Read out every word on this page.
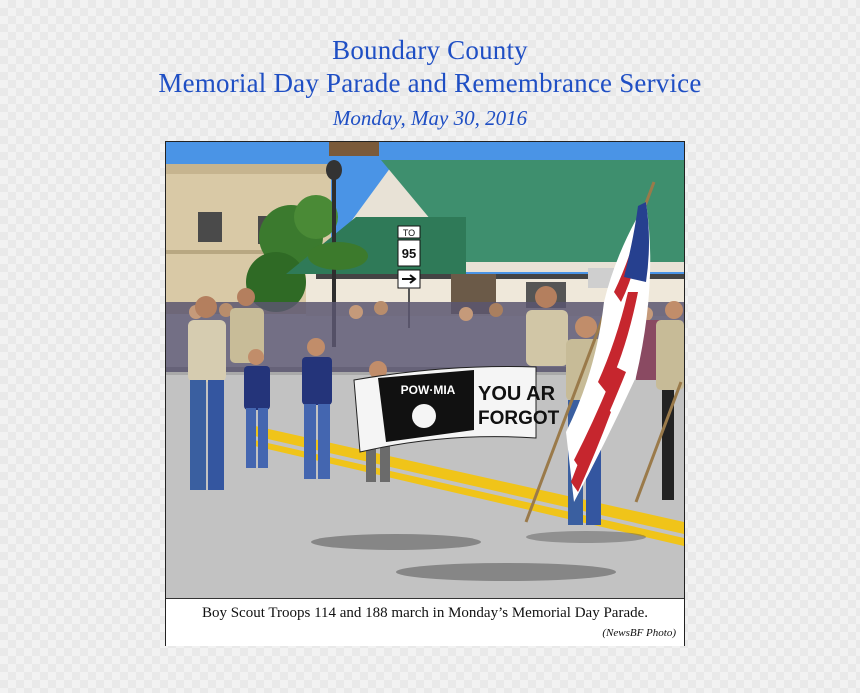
Boundary County
Memorial Day Parade and Remembrance Service
Monday, May 30, 2016
TO
95
POW·MIA YOU AR
FORGOT
Boy Scout Troops 114 and 188 march in Monday’s Memorial Day Parade.
(NewsBF Photo)
